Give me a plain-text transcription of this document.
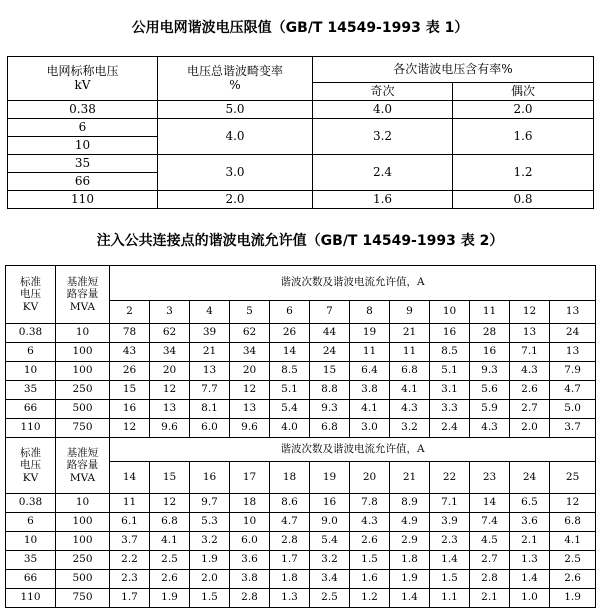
公用电网谐波电压限值（GB/T 14549-1993 表 1）
电网标称电压
kV	电压总谐波畸变率
%	各次谐波电压含有率%	
		奇次	偶次
0.38	5.0	4.0	2.0
6	4.0	3.2	1.6
10			
35	3.0	2.4	1.2
66			
110	2.0	1.6	0.8
注入公共连接点的谐波电流允许值（GB/T 14549-1993 表 2）
标准
电压
KV	基准短
路容量
MVA	谐波次数及谐波电流允许值，A											
		2	3	4	5	6	7	8	9	10	11	12	13
0.38	10	78	62	39	62	26	44	19	21	16	28	13	24
6	100	43	34	21	34	14	24	11	11	8.5	16	7.1	13
10	100	26	20	13	20	8.5	15	6.4	6.8	5.1	9.3	4.3	7.9
35	250	15	12	7.7	12	5.1	8.8	3.8	4.1	3.1	5.6	2.6	4.7
66	500	16	13	8.1	13	5.4	9.3	4.1	4.3	3.3	5.9	2.7	5.0
110	750	12	9.6	6.0	9.6	4.0	6.8	3.0	3.2	2.4	4.3	2.0	3.7

标准
电压
KV	基准短
路容量
MVA	谐波次数及谐波电流允许值，A											
		14	15	16	17	18	19	20	21	22	23	24	25
0.38	10	11	12	9.7	18	8.6	16	7.8	8.9	7.1	14	6.5	12
6	100	6.1	6.8	5.3	10	4.7	9.0	4.3	4.9	3.9	7.4	3.6	6.8
10	100	3.7	4.1	3.2	6.0	2.8	5.4	2.6	2.9	2.3	4.5	2.1	4.1
35	250	2.2	2.5	1.9	3.6	1.7	3.2	1.5	1.8	1.4	2.7	1.3	2.5
66	500	2.3	2.6	2.0	3.8	1.8	3.4	1.6	1.9	1.5	2.8	1.4	2.6
110	750	1.7	1.9	1.5	2.8	1.3	2.5	1.2	1.4	1.1	2.1	1.0	1.9
